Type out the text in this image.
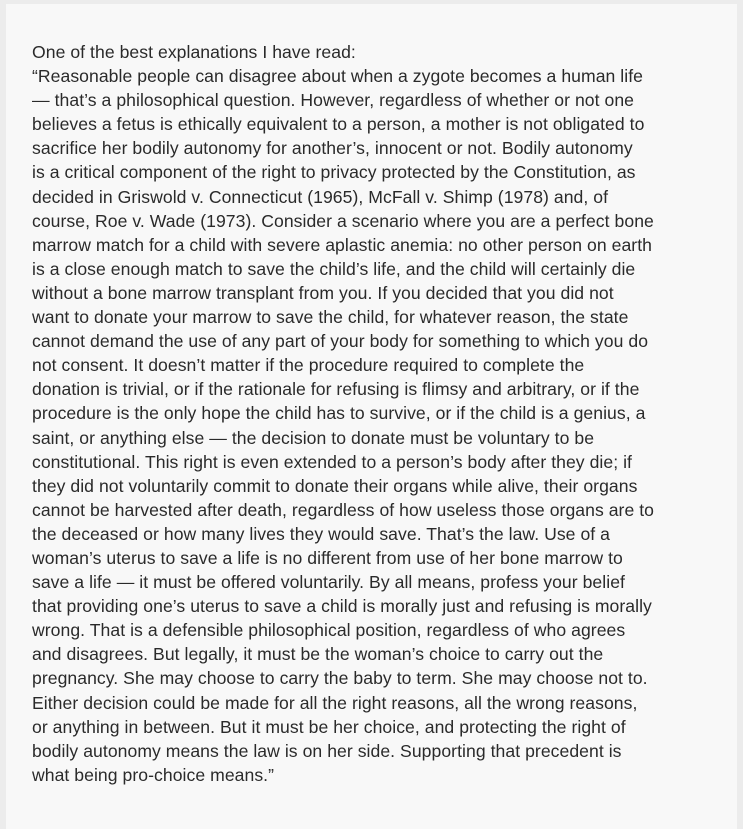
One of the best explanations I have read:

“Reasonable people can disagree about when a zygote becomes a human life
— that’s a philosophical question. However, regardless of whether or not one
believes a fetus is ethically equivalent to a person, a mother is not obligated to
sacrifice her bodily autonomy for another’s, innocent or not. Bodily autonomy
is a critical component of the right to privacy protected by the Constitution, as
decided in Griswold v. Connecticut (1965), McFall v. Shimp (1978) and, of
course, Roe v. Wade (1973). Consider a scenario where you are a perfect bone
marrow match for a child with severe aplastic anemia: no other person on earth
is a close enough match to save the child’s life, and the child will certainly die
without a bone marrow transplant from you. If you decided that you did not
want to donate your marrow to save the child, for whatever reason, the state
cannot demand the use of any part of your body for something to which you do
not consent. It doesn’t matter if the procedure required to complete the
donation is trivial, or if the rationale for refusing is flimsy and arbitrary, or if the
procedure is the only hope the child has to survive, or if the child is a genius, a
saint, or anything else — the decision to donate must be voluntary to be
constitutional. This right is even extended to a person’s body after they die; if
they did not voluntarily commit to donate their organs while alive, their organs
cannot be harvested after death, regardless of how useless those organs are to
the deceased or how many lives they would save. That’s the law. Use of a
woman’s uterus to save a life is no different from use of her bone marrow to
save a life — it must be offered voluntarily. By all means, profess your belief
that providing one’s uterus to save a child is morally just and refusing is morally
wrong. That is a defensible philosophical position, regardless of who agrees
and disagrees. But legally, it must be the woman’s choice to carry out the
pregnancy. She may choose to carry the baby to term. She may choose not to.
Either decision could be made for all the right reasons, all the wrong reasons,
or anything in between. But it must be her choice, and protecting the right of
bodily autonomy means the law is on her side. Supporting that precedent is
what being pro-choice means.”
